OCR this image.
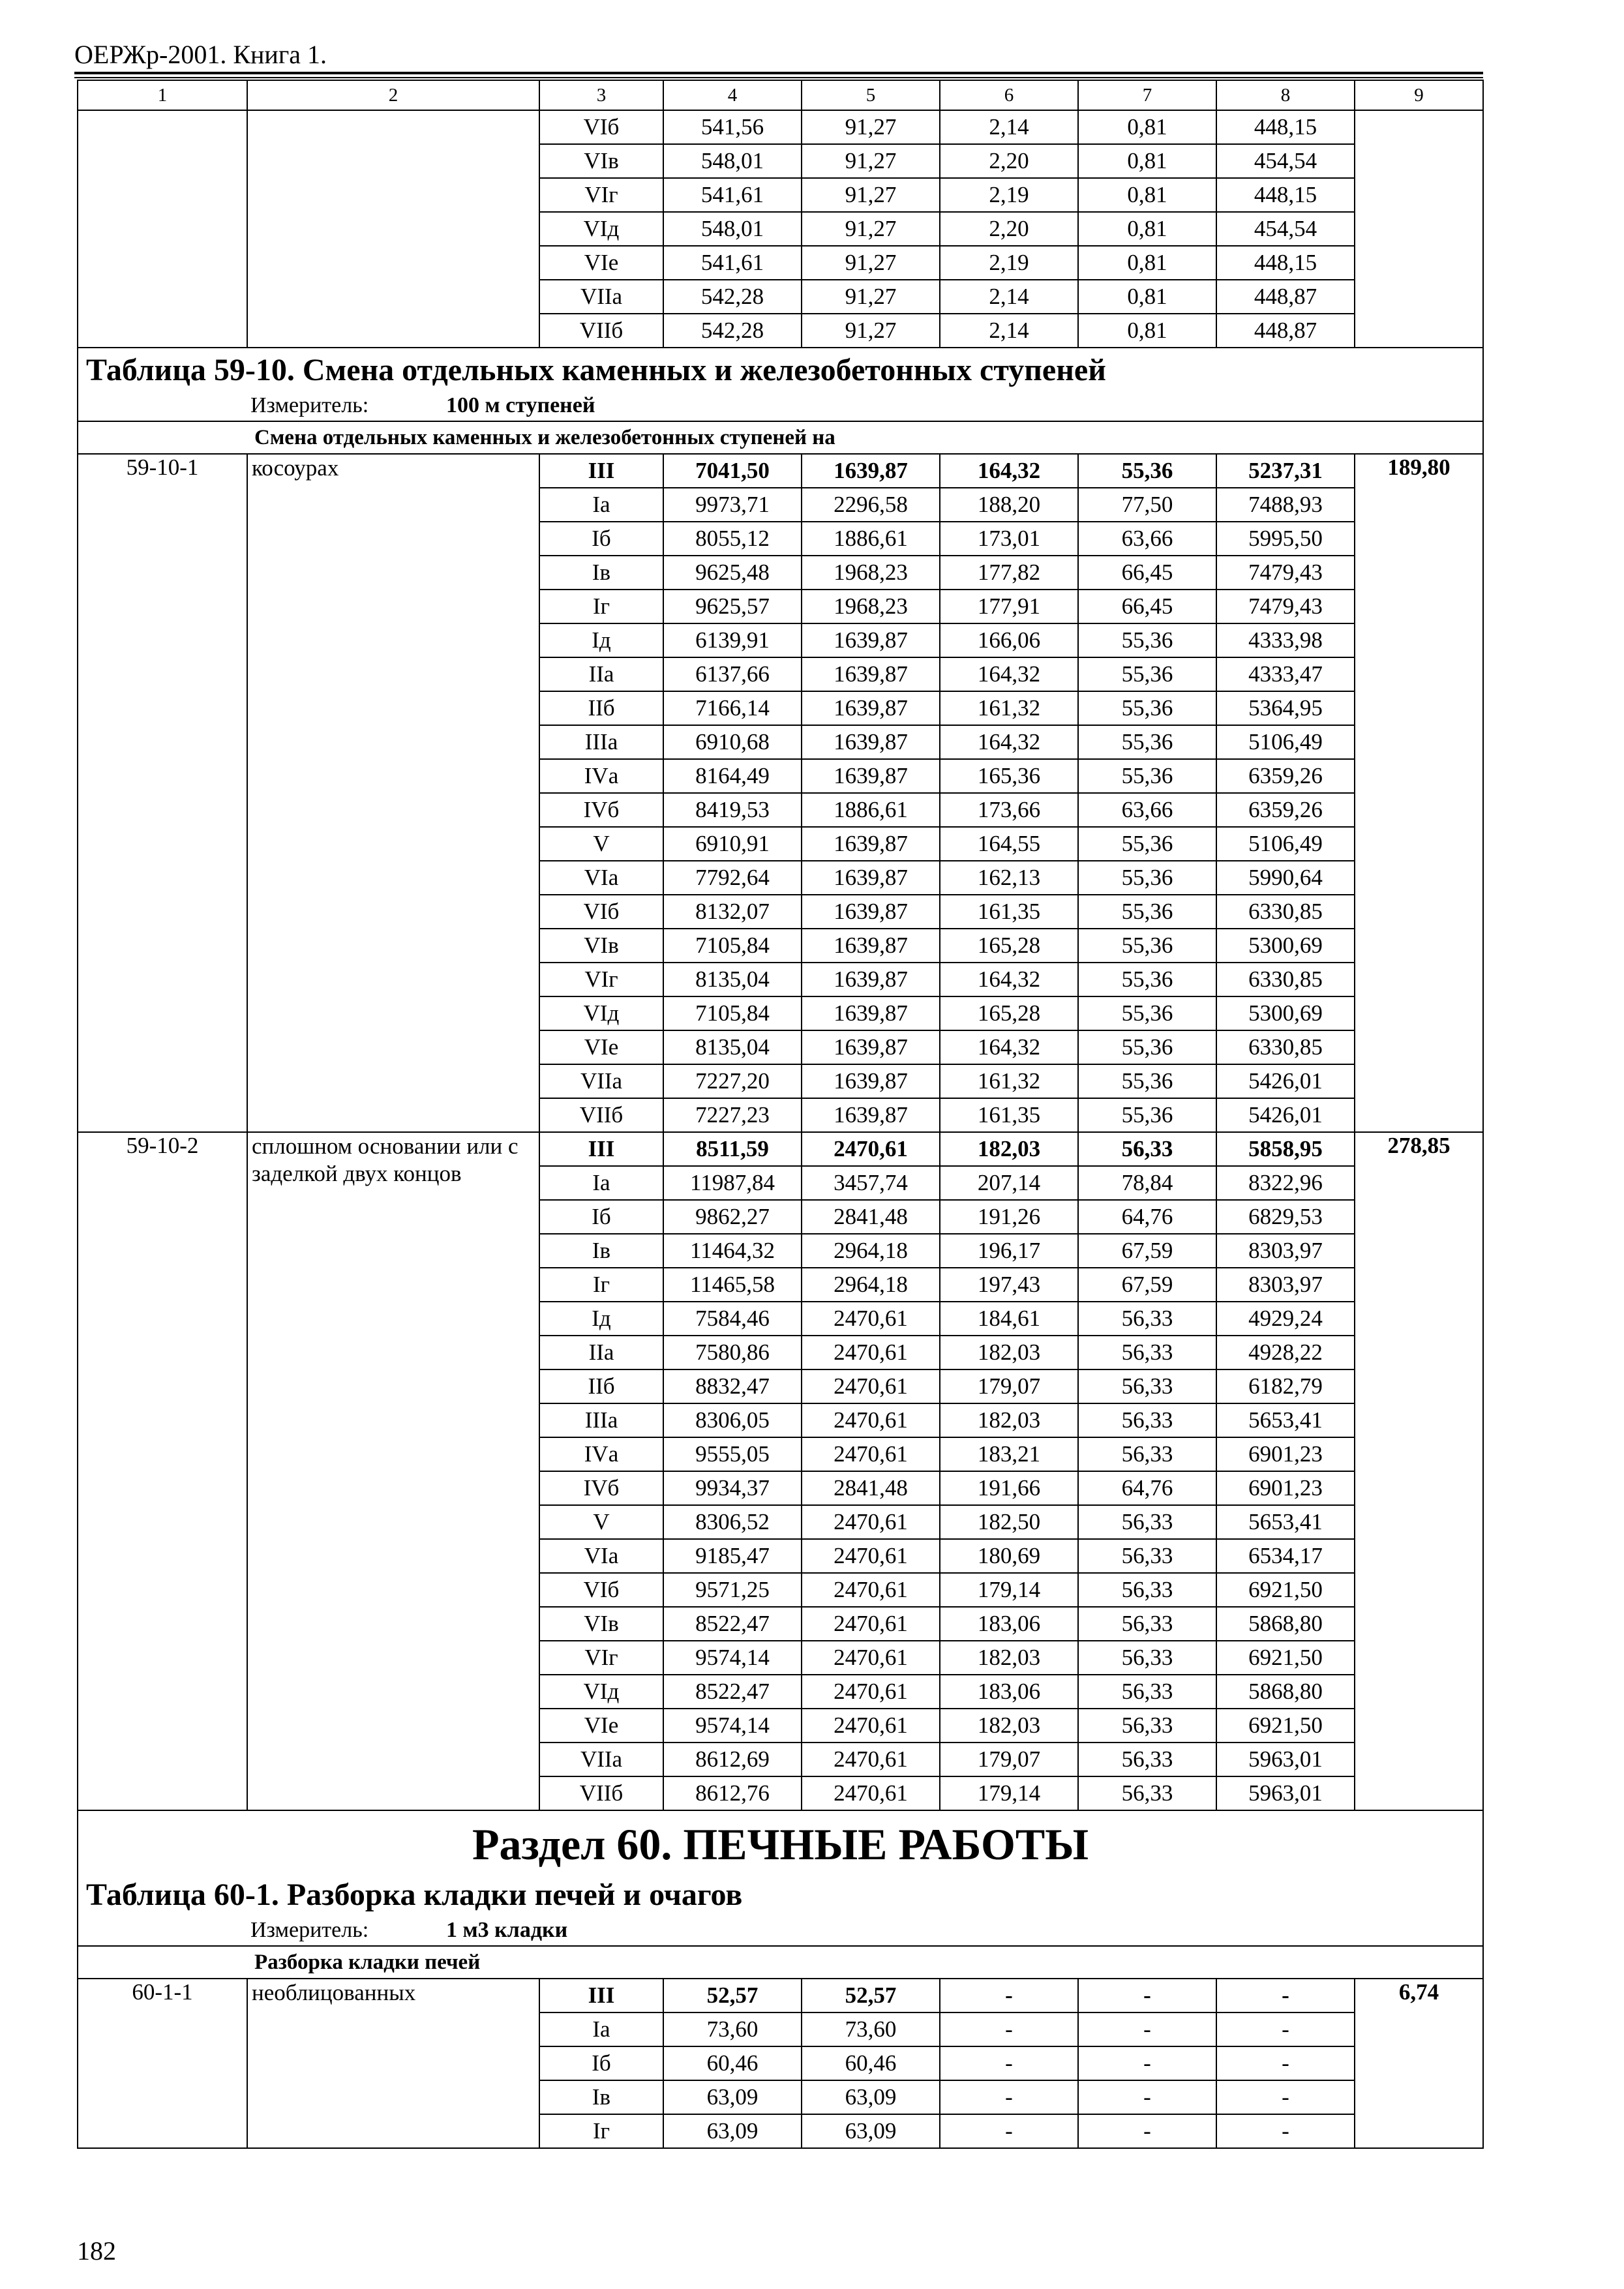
ОЕРЖр-2001. Книга 1.
1	2	3	4	5	6	7	8	9
		VIб	541,56	91,27	2,14	0,81	448,15	
		VIв	548,01	91,27	2,20	0,81	454,54	
		VIг	541,61	91,27	2,19	0,81	448,15	
		VIд	548,01	91,27	2,20	0,81	454,54	
		VIе	541,61	91,27	2,19	0,81	448,15	
		VIIа	542,28	91,27	2,14	0,81	448,87	
		VIIб	542,28	91,27	2,14	0,81	448,87	

Таблица 59-10. Смена отдельных каменных и железобетонных ступеней
Измеритель: 100 м ступеней								

Смена отдельных каменных и железобетонных ступеней на								
59-10-1	косоурах	III	7041,50	1639,87	164,32	55,36	5237,31	189,80
		Iа	9973,71	2296,58	188,20	77,50	7488,93	
		Iб	8055,12	1886,61	173,01	63,66	5995,50	
		Iв	9625,48	1968,23	177,82	66,45	7479,43	
		Iг	9625,57	1968,23	177,91	66,45	7479,43	
		Iд	6139,91	1639,87	166,06	55,36	4333,98	
		IIа	6137,66	1639,87	164,32	55,36	4333,47	
		IIб	7166,14	1639,87	161,32	55,36	5364,95	
		IIIа	6910,68	1639,87	164,32	55,36	5106,49	
		IVа	8164,49	1639,87	165,36	55,36	6359,26	
		IVб	8419,53	1886,61	173,66	63,66	6359,26	
		V	6910,91	1639,87	164,55	55,36	5106,49	
		VIа	7792,64	1639,87	162,13	55,36	5990,64	
		VIб	8132,07	1639,87	161,35	55,36	6330,85	
		VIв	7105,84	1639,87	165,28	55,36	5300,69	
		VIг	8135,04	1639,87	164,32	55,36	6330,85	
		VIд	7105,84	1639,87	165,28	55,36	5300,69	
		VIе	8135,04	1639,87	164,32	55,36	6330,85	
		VIIа	7227,20	1639,87	161,32	55,36	5426,01	
		VIIб	7227,23	1639,87	161,35	55,36	5426,01	
59-10-2	сплошном основании или с заделкой двух концов	III	8511,59	2470,61	182,03	56,33	5858,95	278,85
		Iа	11987,84	3457,74	207,14	78,84	8322,96	
		Iб	9862,27	2841,48	191,26	64,76	6829,53	
		Iв	11464,32	2964,18	196,17	67,59	8303,97	
		Iг	11465,58	2964,18	197,43	67,59	8303,97	
		Iд	7584,46	2470,61	184,61	56,33	4929,24	
		IIа	7580,86	2470,61	182,03	56,33	4928,22	
		IIб	8832,47	2470,61	179,07	56,33	6182,79	
		IIIа	8306,05	2470,61	182,03	56,33	5653,41	
		IVа	9555,05	2470,61	183,21	56,33	6901,23	
		IVб	9934,37	2841,48	191,66	64,76	6901,23	
		V	8306,52	2470,61	182,50	56,33	5653,41	
		VIа	9185,47	2470,61	180,69	56,33	6534,17	
		VIб	9571,25	2470,61	179,14	56,33	6921,50	
		VIв	8522,47	2470,61	183,06	56,33	5868,80	
		VIг	9574,14	2470,61	182,03	56,33	6921,50	
		VIд	8522,47	2470,61	183,06	56,33	5868,80	
		VIе	9574,14	2470,61	182,03	56,33	6921,50	
		VIIа	8612,69	2470,61	179,07	56,33	5963,01	
		VIIб	8612,76	2470,61	179,14	56,33	5963,01	

Раздел 60. ПЕЧНЫЕ РАБОТЫ
Таблица 60-1. Разборка кладки печей и очагов
Измеритель: 1 м3 кладки								

Разборка кладки печей								
60-1-1	необлицованных	III	52,57	52,57	-	-	-	6,74
		Iа	73,60	73,60	-	-	-	
		Iб	60,46	60,46	-	-	-	
		Iв	63,09	63,09	-	-	-	
		Iг	63,09	63,09	-	-	-	
182
